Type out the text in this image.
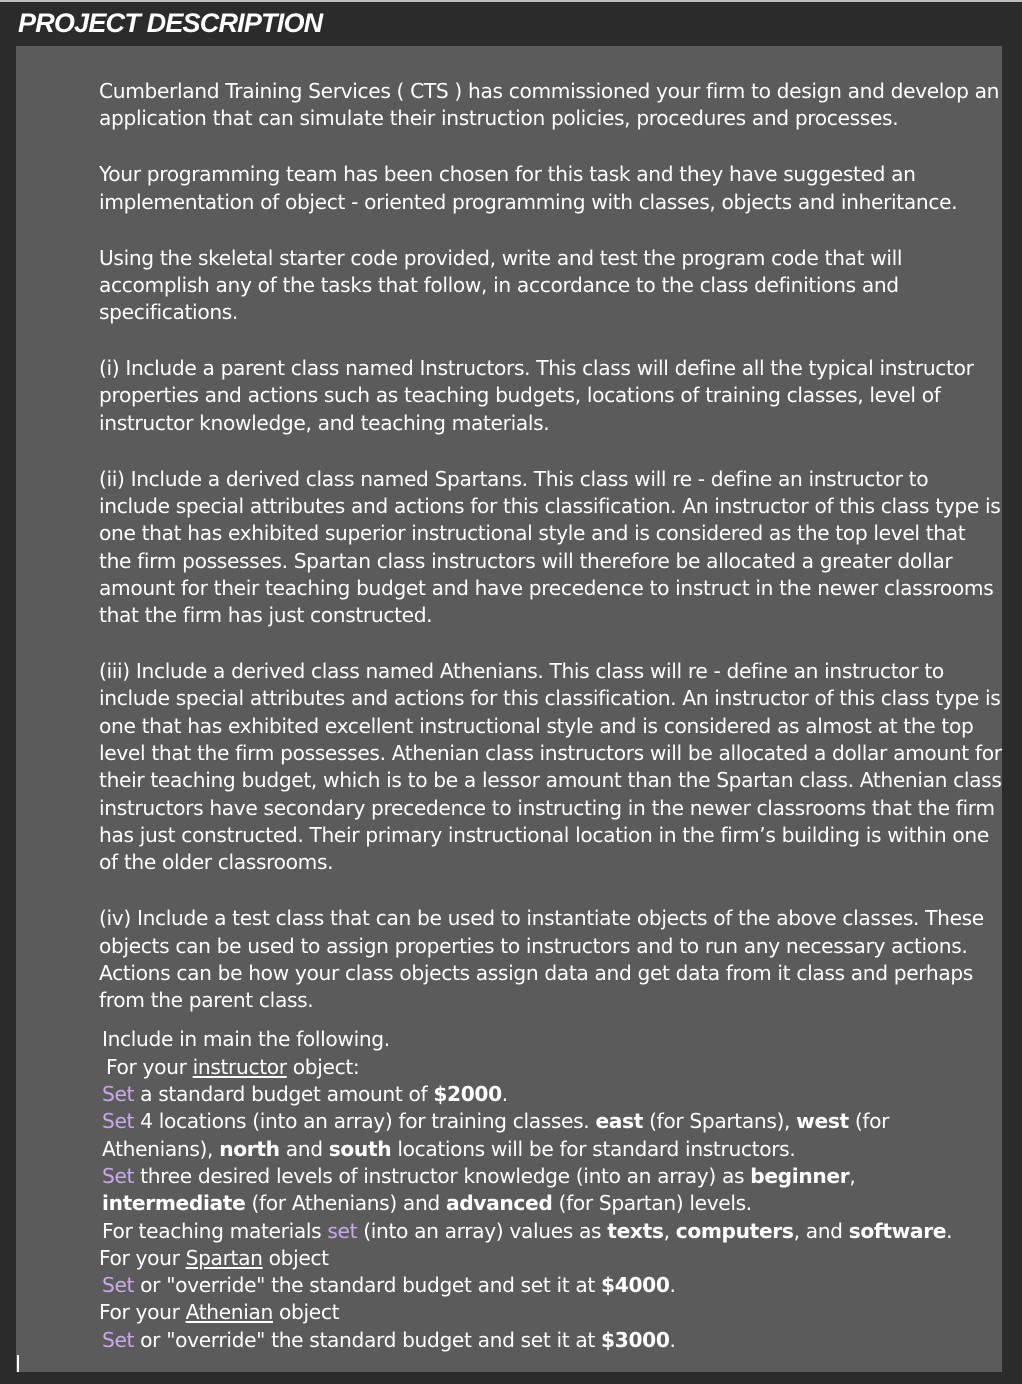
PROJECT DESCRIPTION

Cumberland Training Services ( CTS ) has commissioned your firm to design and develop an application that can simulate their instruction policies, procedures and processes.

Your programming team has been chosen for this task and they have suggested an implementation of object - oriented programming with classes, objects and inheritance.

Using the skeletal starter code provided, write and test the program code that will accomplish any of the tasks that follow, in accordance to the class definitions and specifications.

(i) Include a parent class named Instructors. This class will define all the typical instructor properties and actions such as teaching budgets, locations of training classes, level of instructor knowledge, and teaching materials.

(ii) Include a derived class named Spartans. This class will re - define an instructor to include special attributes and actions for this classification. An instructor of this class type is one that has exhibited superior instructional style and is considered as the top level that the firm possesses. Spartan class instructors will therefore be allocated a greater dollar amount for their teaching budget and have precedence to instruct in the newer classrooms that the firm has just constructed.

(iii) Include a derived class named Athenians. This class will re - define an instructor to include special attributes and actions for this classification. An instructor of this class type is one that has exhibited excellent instructional style and is considered as almost at the top level that the firm possesses. Athenian class instructors will be allocated a dollar amount for their teaching budget, which is to be a lessor amount than the Spartan class. Athenian class instructors have secondary precedence to instructing in the newer classrooms that the firm has just constructed. Their primary instructional location in the firm’s building is within one of the older classrooms.

(iv) Include a test class that can be used to instantiate objects of the above classes. These objects can be used to assign properties to instructors and to run any necessary actions. Actions can be how your class objects assign data and get data from it class and perhaps from the parent class.

Include in main the following.

For your instructor object:

Set a standard budget amount of $2000.

Set 4 locations (into an array) for training classes. east (for Spartans), west (for Athenians), north and south locations will be for standard instructors.

Set three desired levels of instructor knowledge (into an array) as beginner, intermediate (for Athenians) and advanced (for Spartan) levels.

For teaching materials set (into an array) values as texts, computers, and software.

For your Spartan object

Set or "override" the standard budget and set it at $4000.

For your Athenian object

Set or "override" the standard budget and set it at $3000.
